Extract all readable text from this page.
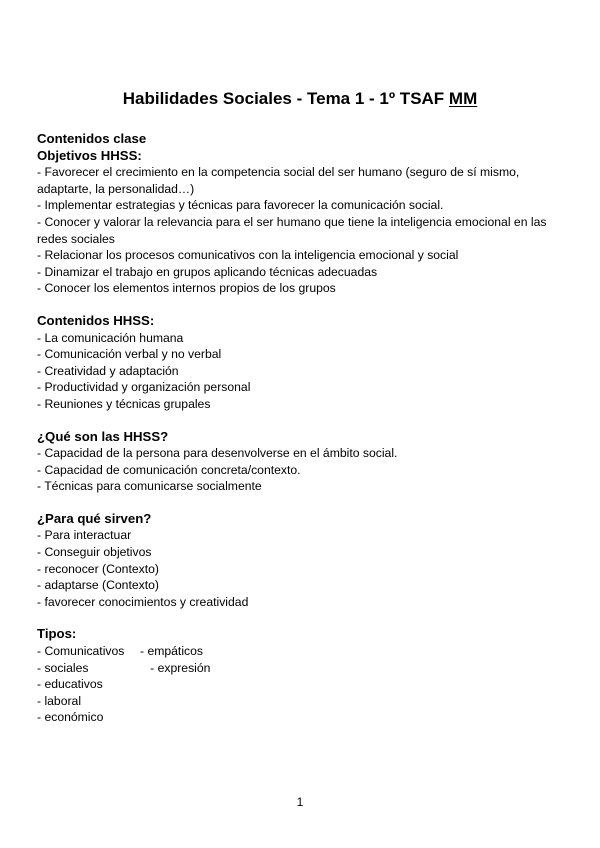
Habilidades Sociales - Tema 1 - 1º TSAF MM
Contenidos clase
Objetivos HHSS:
- Favorecer el crecimiento en la competencia social del ser humano (seguro de sí mismo, adaptarte, la personalidad…)
- Implementar estrategias y técnicas para favorecer la comunicación social.
- Conocer y valorar la relevancia para el ser humano que tiene la inteligencia emocional en las redes sociales
- Relacionar los procesos comunicativos con la inteligencia emocional y social
- Dinamizar el trabajo en grupos aplicando técnicas adecuadas
- Conocer los elementos internos propios de los grupos
Contenidos HHSS:
- La comunicación humana
- Comunicación verbal y no verbal
- Creatividad y adaptación
- Productividad y organización personal
- Reuniones y técnicas grupales
¿Qué son las HHSS?
- Capacidad de la persona para desenvolverse en el ámbito social.
- Capacidad de comunicación concreta/contexto.
- Técnicas para comunicarse socialmente
¿Para qué sirven?
- Para interactuar
- Conseguir objetivos
- reconocer (Contexto)
- adaptarse (Contexto)
- favorecer conocimientos y creatividad
Tipos:
- Comunicativos	- empáticos
- sociales	- expresión
- educativos
- laboral
- económico
1
